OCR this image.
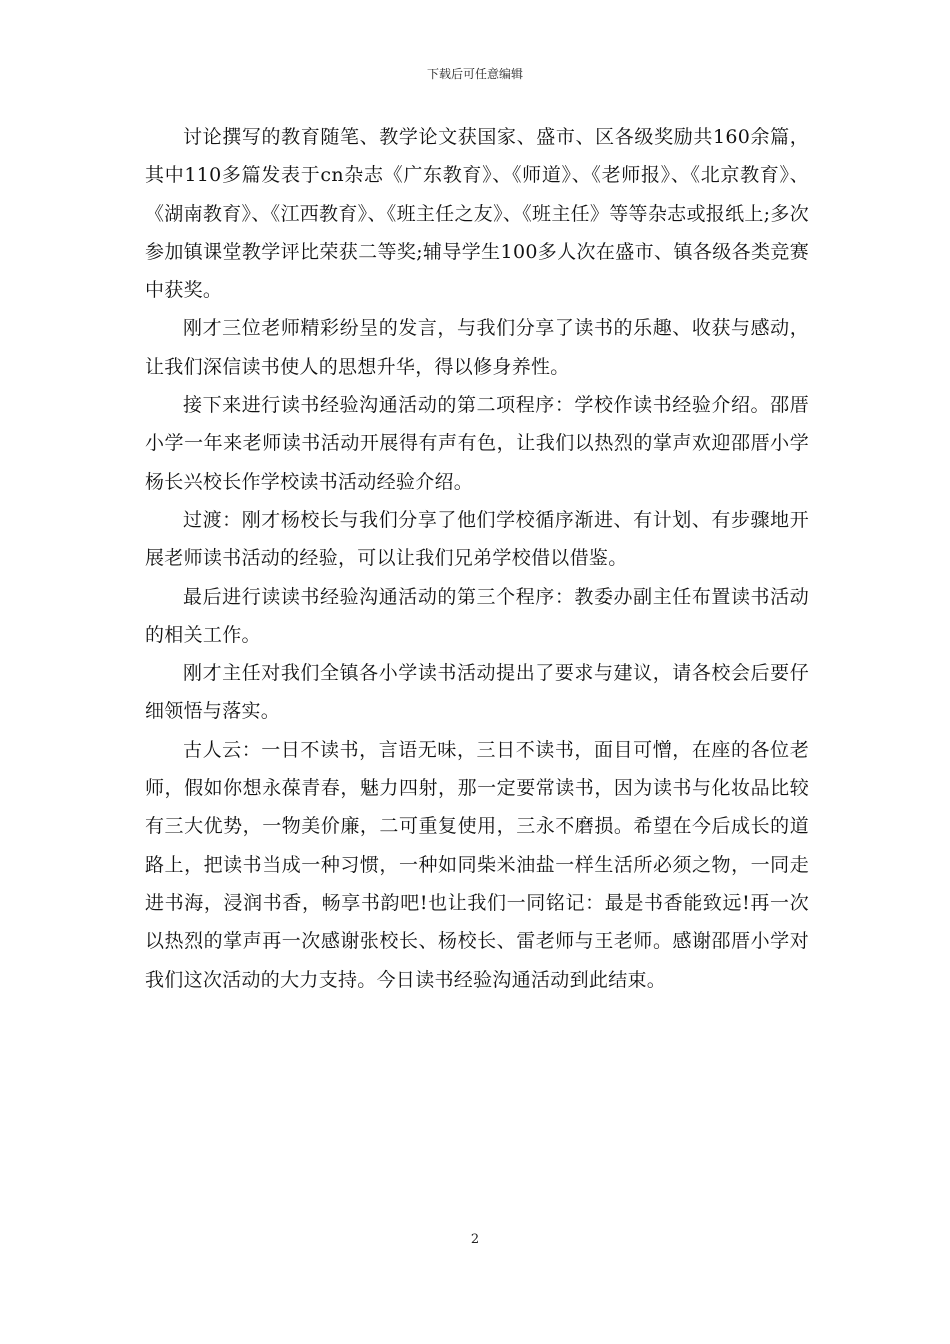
下载后可任意编辑

讨论撰写的教育随笔、教学论文获国家、盛市、区各级奖励共160余篇，其中110多篇发表于cn杂志《广东教育》、《师道》、《老师报》、《北京教育》、《湖南教育》、《江西教育》、《班主任之友》、《班主任》等等杂志或报纸上;多次参加镇课堂教学评比荣获二等奖;辅导学生100多人次在盛市、镇各级各类竞赛中获奖。

刚才三位老师精彩纷呈的发言，与我们分享了读书的乐趣、收获与感动，让我们深信读书使人的思想升华，得以修身养性。

接下来进行读书经验沟通活动的第二项程序：学校作读书经验介绍。邵厝小学一年来老师读书活动开展得有声有色，让我们以热烈的掌声欢迎邵厝小学杨长兴校长作学校读书活动经验介绍。

过渡：刚才杨校长与我们分享了他们学校循序渐进、有计划、有步骤地开展老师读书活动的经验，可以让我们兄弟学校借以借鉴。

最后进行读读书经验沟通活动的第三个程序：教委办副主任布置读书活动的相关工作。

刚才主任对我们全镇各小学读书活动提出了要求与建议，请各校会后要仔细领悟与落实。

古人云：一日不读书，言语无味，三日不读书，面目可憎，在座的各位老师，假如你想永葆青春，魅力四射，那一定要常读书，因为读书与化妆品比较有三大优势，一物美价廉，二可重复使用，三永不磨损。希望在今后成长的道路上，把读书当成一种习惯，一种如同柴米油盐一样生活所必须之物，一同走进书海，浸润书香，畅享书韵吧!也让我们一同铭记：最是书香能致远!再一次以热烈的掌声再一次感谢张校长、杨校长、雷老师与王老师。感谢邵厝小学对我们这次活动的大力支持。今日读书经验沟通活动到此结束。

2
